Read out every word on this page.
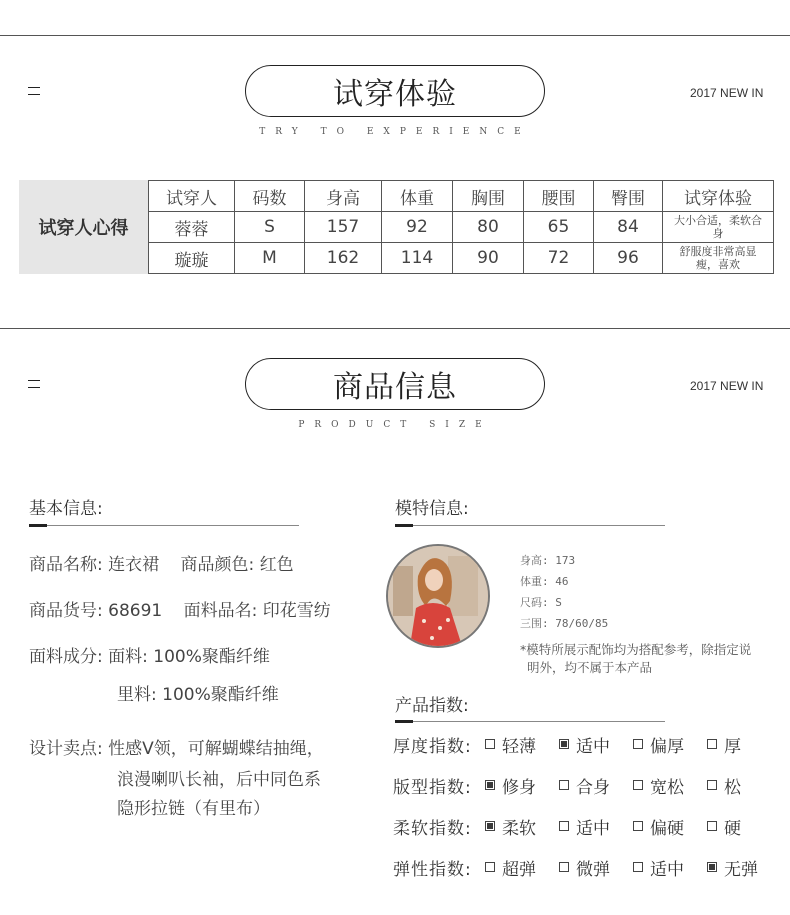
试穿体验
TRY TO EXPERIENCE
2017 NEW IN
试穿人心得
试穿人	码数	身高	体重	胸围	腰围	臀围	试穿体验
蓉蓉	S	157	92	80	65	84	大小合适，柔软合身
璇璇	M	162	114	90	72	96	舒服度非常高显瘦，喜欢
商品信息
PRODUCT SIZE
2017 NEW IN
基本信息:
商品名称: 连衣裙 商品颜色: 红色
商品货号: 68691 面料品名: 印花雪纺
面料成分: 面料: 100%聚酯纤维
里料: 100%聚酯纤维
设计卖点: 性感V领，可解蝴蝶结抽绳，
浪漫喇叭长袖，后中同色系
隐形拉链（有里布）
模特信息:
身高: 173
体重: 46
尺码: S
三围: 78/60/85
*模特所展示配饰均为搭配参考，除指定说
明外，均不属于本产品
产品指数:
厚度指数:	轻薄 适中 偏厚 厚
版型指数:	修身 合身 宽松 松
柔软指数:	柔软 适中 偏硬 硬
弹性指数:	超弹 微弹 适中 无弹
